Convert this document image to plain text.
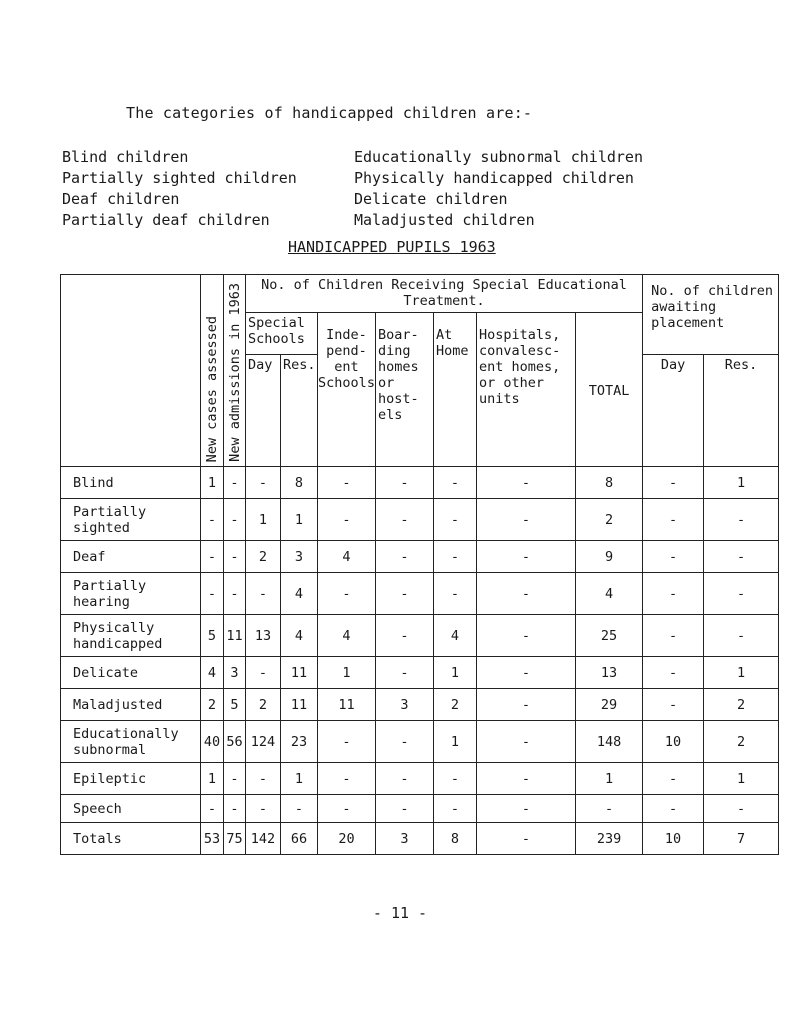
The categories of handicapped children are:-
Blind children	Educationally subnormal children
Partially sighted children	Physically handicapped children
Deaf children	Delicate children
Partially deaf children	Maladjusted children
HANDICAPPED PUPILS 1963
	New cases assessed	New admissions in 1963	No. of Children Receiving Special Educational Treatment.							No. of children awaiting placement	
			Special Schools		Inde-pend-ent Schools	Boar-ding homes or host-els	At Home	Hospitals, convalesc-ent homes, or other units	TOTAL		
			Day	Res.						Day	Res.
Blind	1	-	-	8	-	-	-	-	8	-	1
Partially sighted	-	-	1	1	-	-	-	-	2	-	-
Deaf	-	-	2	3	4	-	-	-	9	-	-
Partially hearing	-	-	-	4	-	-	-	-	4	-	-
Physically handicapped	5	11	13	4	4	-	4	-	25	-	-
Delicate	4	3	-	11	1	-	1	-	13	-	1
Maladjusted	2	5	2	11	11	3	2	-	29	-	2
Educationally subnormal	40	56	124	23	-	-	1	-	148	10	2
Epileptic	1	-	-	1	-	-	-	-	1	-	1
Speech	-	-	-	-	-	-	-	-	-	-	-
Totals	53	75	142	66	20	3	8	-	239	10	7
- 11 -
